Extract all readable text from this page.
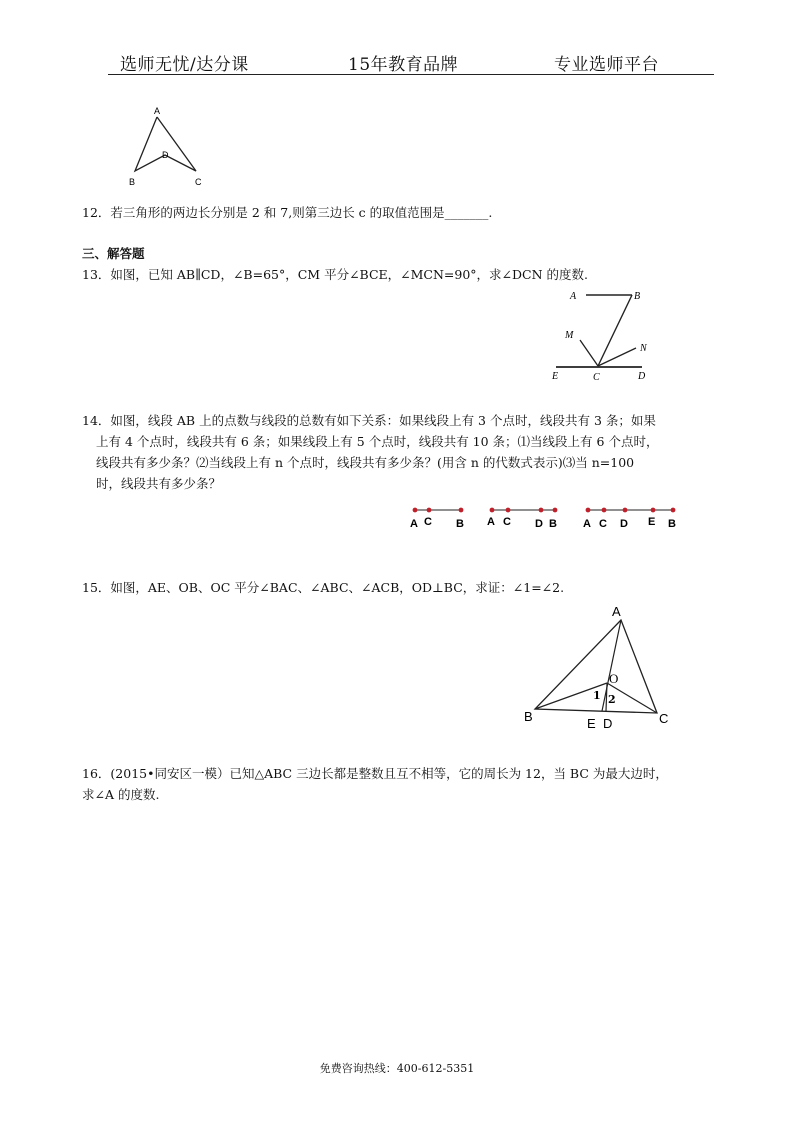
选师无忧/达分课	15年教育品牌	专业选师平台
A
D
B	C
12．若三角形的两边长分别是 2 和 7,则第三边长 c 的取值范围是_______.
三、解答题
13．如图，已知 AB∥CD，∠B=65°，CM 平分∠BCE，∠MCN=90°，求∠DCN 的度数.
A	B
M
N
E	C	D
14．如图，线段 AB 上的点数与线段的总数有如下关系：如果线段上有 3 个点时，线段共有 3 条；如果
上有 4 个点时，线段共有 6 条；如果线段上有 5 个点时，线段共有 10 条；⑴当线段上有 6 个点时，
线段共有多少条？⑵当线段上有 n 个点时，线段共有多少条？(用含 n 的代数式表示)⑶当 n=100
时，线段共有多少条？
A C B A C D B A C D E B
15．如图，AE、OB、OC 平分∠BAC、∠ABC、∠ACB，OD⊥BC，求证：∠1=∠2.
A
O
1 2
B	E D	C
16．(2015•同安区一模）已知△ABC 三边长都是整数且互不相等，它的周长为 12，当 BC 为最大边时，
求∠A 的度数.
免费咨询热线：400-612-5351
